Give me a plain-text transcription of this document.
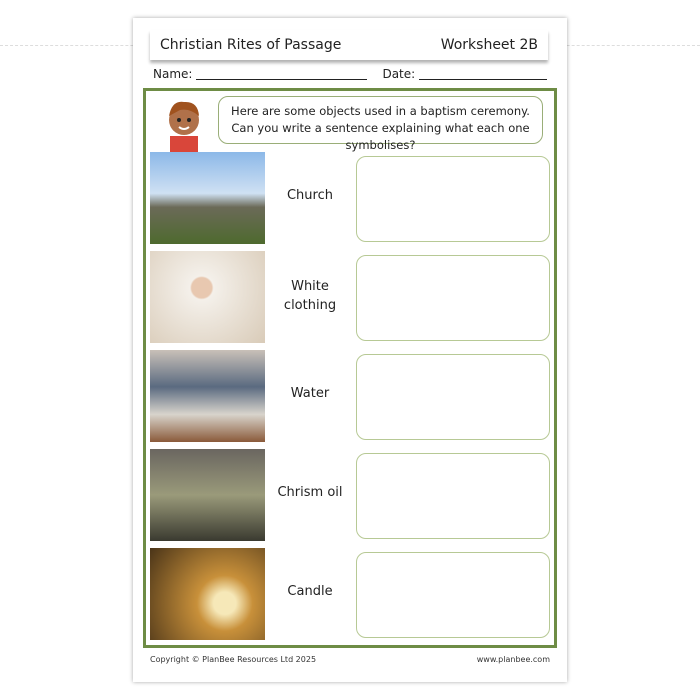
Christian Rites of Passage	Worksheet 2B
Name:	Date:
Here are some objects used in a baptism ceremony. Can you write a sentence explaining what each one symbolises?
Church
White clothing
Water
Chrism oil
Candle
Copyright © PlanBee Resources Ltd 2025	www.planbee.com
